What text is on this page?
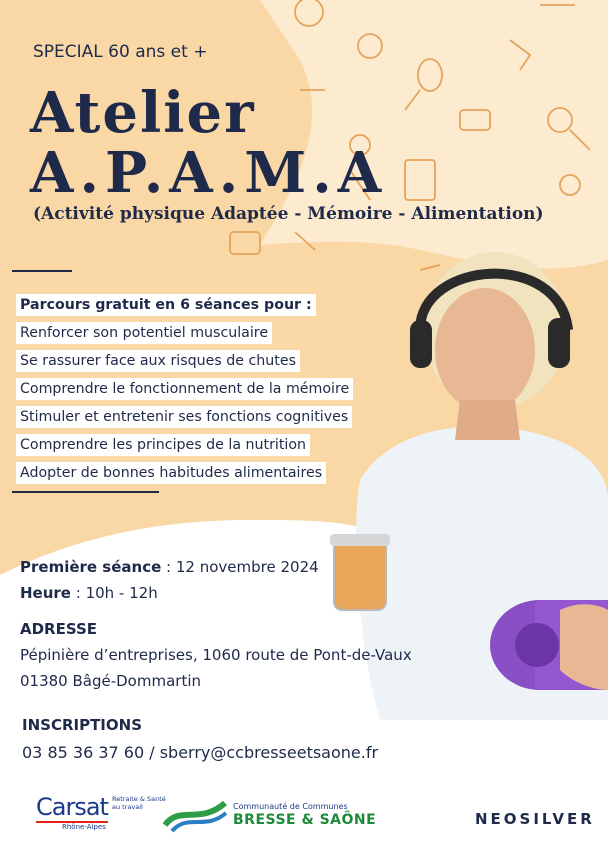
SPECIAL 60 ans et +
Atelier
A.P.A.M.A
(Activité physique Adaptée - Mémoire - Alimentation)
Parcours gratuit en 6 séances pour :
Renforcer son potentiel musculaire
Se rassurer face aux risques de chutes
Comprendre le fonctionnement de la mémoire
Stimuler et entretenir ses fonctions cognitives
Comprendre les principes de la nutrition
Adopter de bonnes habitudes alimentaires
Première séance : 12 novembre 2024
Heure : 10h - 12h
ADRESSE
Pépinière d’entreprises, 1060 route de Pont-de-Vaux
01380 Bâgé-Dommartin
INSCRIPTIONS
03 85 36 37 60 / sberry@ccbresseetsaone.fr
Carsat Retraite & Santé au travail
Rhône-Alpes
Communauté de Communes
BRESSE & SAÔNE	NEOSILVER
